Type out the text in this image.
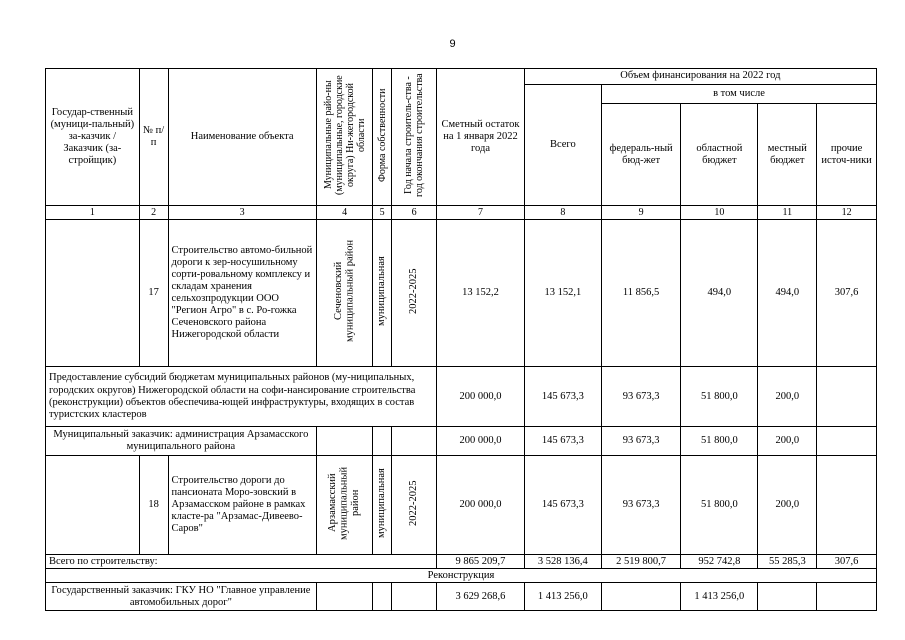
9
Государ-ственный (муници-пальный) за-казчик / Заказчик (за-стройщик)	№ п/п	Наименование объекта	Муниципальные райо-ны (муниципальные, городские округа) Ни-жегородской области	Форма собственности	Год начала строитель-ства - год окончания строительства	Сметный остаток на 1 января 2022 года	Объем финансирования на 2022 год				
							Всего	в том числе			
								федераль-ный бюд-жет	областной бюджет	местный бюджет	прочие источ-ники
1	2	3	4	5	6	7	8	9	10	11	12
	17	Строительство автомо-бильной дороги к зер-носушильному сорти-ровальному комплексу и складам хранения сельхозпродукции ООО "Регион Агро" в с. Ро-гожка Сеченовского района Нижегородской области	Сеченовский муниципальный район	муниципальная	2022-2025	13 152,2	13 152,1	11 856,5	494,0	494,0	307,6
Предоставление субсидий бюджетам муниципальных районов (му-ниципальных, городских округов) Нижегородской области на софи-нансирование строительства (реконструкции) объектов обеспечива-ющей инфраструктуры, входящих в состав туристских кластеров						200 000,0	145 673,3	93 673,3	51 800,0	200,0	
Муниципальный заказчик: администрация Арзамасского муниципального района						200 000,0	145 673,3	93 673,3	51 800,0	200,0	
	18	Строительство дороги до пансионата Моро-зовский в Арзамасском районе в рамках класте-ра "Арзамас-Дивеево-Саров"	Арзамасский муниципальный район	муниципальная	2022-2025	200 000,0	145 673,3	93 673,3	51 800,0	200,0	
Всего по строительству:						9 865 209,7	3 528 136,4	2 519 800,7	952 742,8	55 285,3	307,6
Реконструкция											
Государственный заказчик: ГКУ НО "Главное управление автомобильных дорог"						3 629 268,6	1 413 256,0		1 413 256,0		
